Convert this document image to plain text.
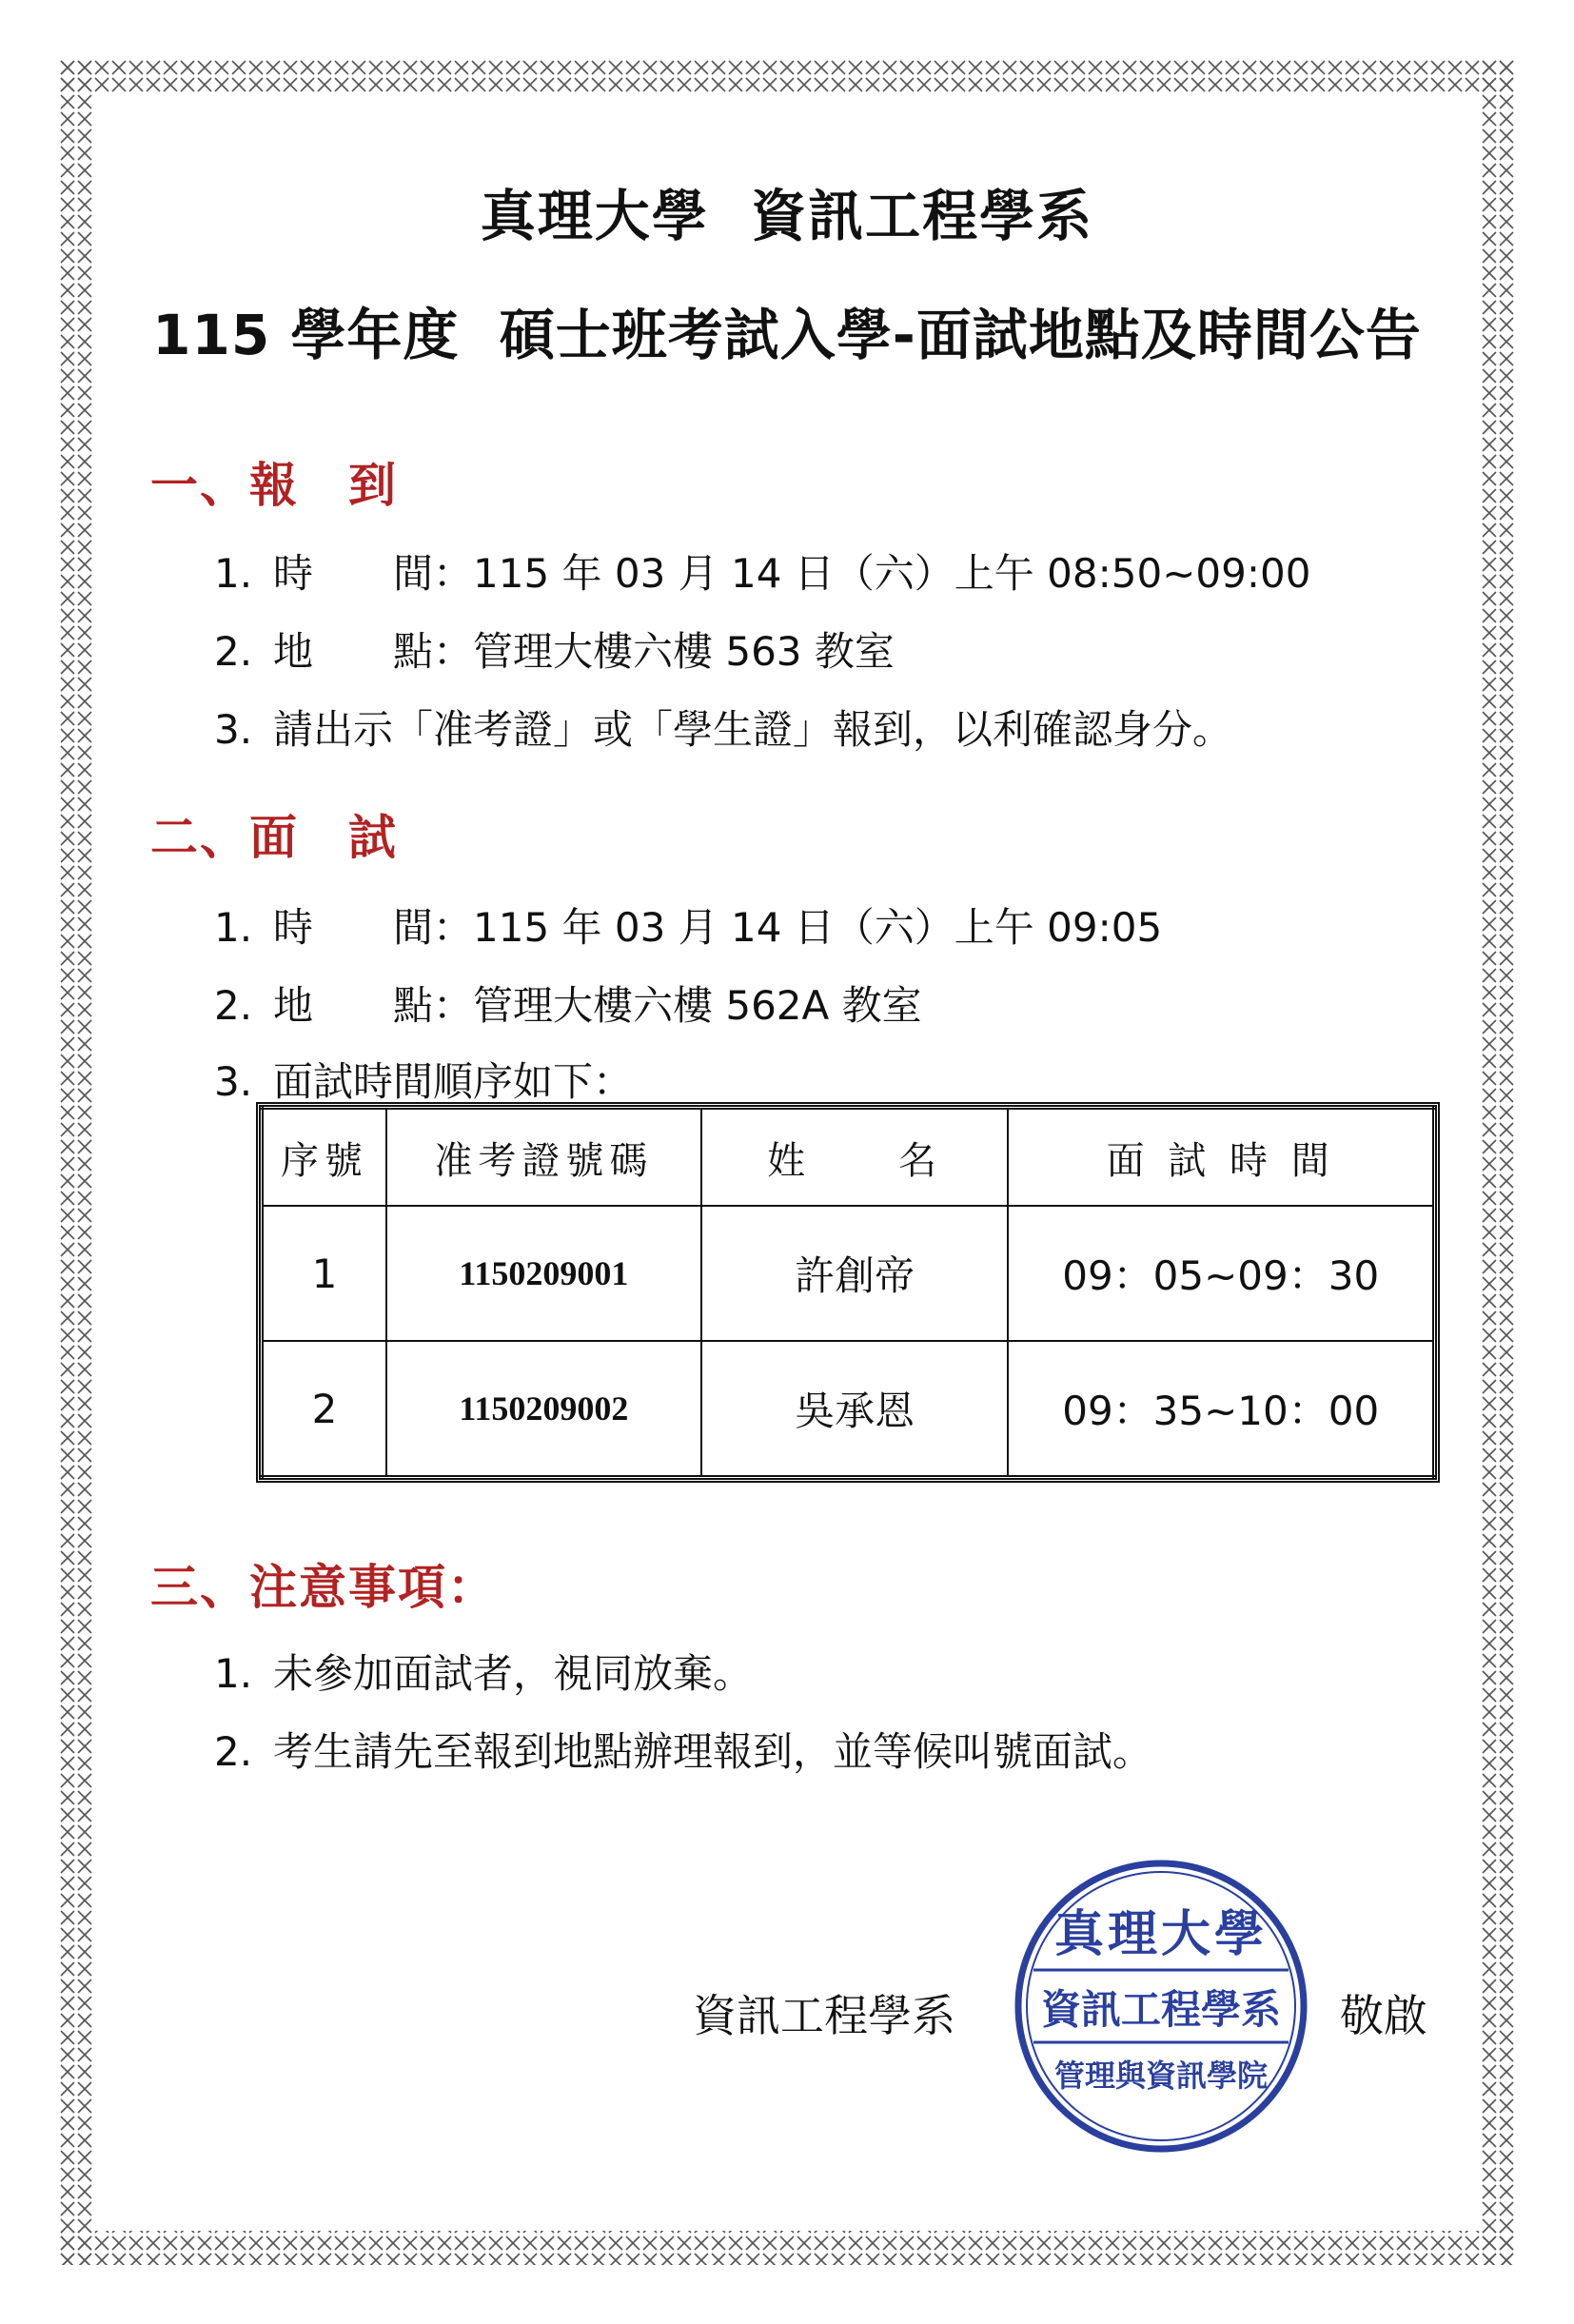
真理大學  資訊工程學系
115 學年度  碩士班考試入學-面試地點及時間公告
一、報　到
1. 時　　間：115 年 03 月 14 日（六）上午 08:50~09:00
2. 地　　點：管理大樓六樓 563 教室
3. 請出示「准考證」或「學生證」報到，以利確認身分。
二、面　試
1. 時　　間：115 年 03 月 14 日（六）上午 09:05
2. 地　　點：管理大樓六樓 562A 教室
3. 面試時間順序如下：
序號	准考證號碼	姓　　名	面 試 時 間
1	1150209001	許創帝	09：05~09：30
2	1150209002	吳承恩	09：35~10：00
三、注意事項：
1. 未參加面試者，視同放棄。
2. 考生請先至報到地點辦理報到，並等候叫號面試。
資訊工程學系
真理大學
資訊工程學系
管理與資訊學院
敬啟
